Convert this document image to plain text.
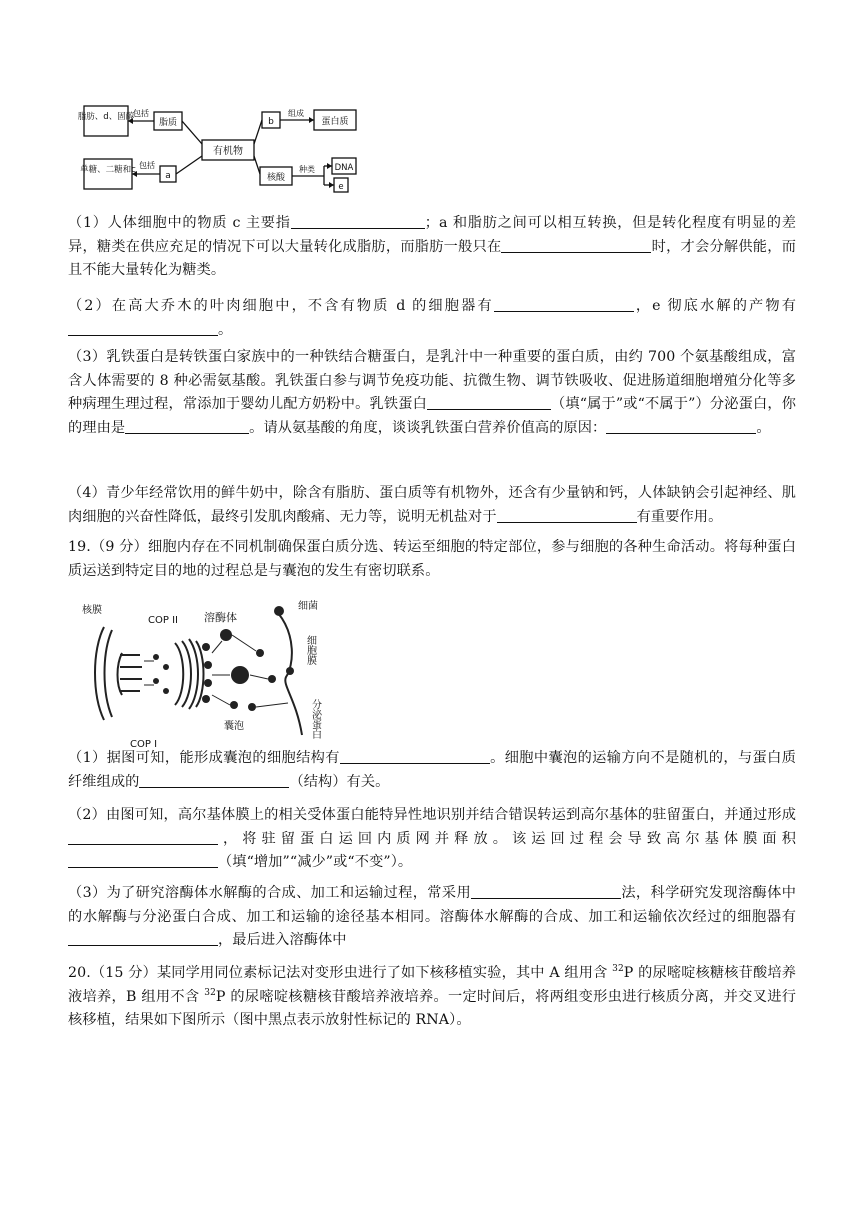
脂肪、d、固醇
脂质
包括
有机物
b
组成
蛋白质
单糖、二糖和c
a
包括
核酸
种类 DNA
e
（1）人体细胞中的物质 c 主要指	；a 和脂肪之间可以相互转换，但是转化程度有明显的差异，糖类在供应充足的情况下可以大量转化成脂肪，而脂肪一般只在	时，才会分解供能，而且不能大量转化为糖类。
（2）在高大乔木的叶肉细胞中，不含有物质 d 的细胞器有	，e 彻底水解的产物有。
（3）乳铁蛋白是转铁蛋白家族中的一种铁结合糖蛋白，是乳汁中一种重要的蛋白质，由约 700 个氨基酸组成，富含人体需要的 8 种必需氨基酸。乳铁蛋白参与调节免疫功能、抗微生物、调节铁吸收、促进肠道细胞增殖分化等多种病理生理过程，常添加于婴幼儿配方奶粉中。乳铁蛋白	（填“属于”或“不属于”）分泌蛋白，你的理由是	。请从氨基酸的角度，谈谈乳铁蛋白营养价值高的原因：	。
（4）青少年经常饮用的鲜牛奶中，除含有脂肪、蛋白质等有机物外，还含有少量钠和钙，人体缺钠会引起神经、肌肉细胞的兴奋性降低，最终引发肌肉酸痛、无力等，说明无机盐对于	有重要作用。
19.（9 分）细胞内存在不同机制确保蛋白质分选、转运至细胞的特定部位，参与细胞的各种生命活动。将每种蛋白质运送到特定目的地的过程总是与囊泡的发生有密切联系。
核膜
COP II
COP I
溶酶体
细菌
细胞膜
囊泡	分泌蛋白
（1）据图可知，能形成囊泡的细胞结构有	。细胞中囊泡的运输方向不是随机的，与蛋白质纤维组成的	（结构）有关。
（2）由图可知，高尔基体膜上的相关受体蛋白能特异性地识别并结合错误转运到高尔基体的驻留蛋白，并通过形成，将驻留蛋白运回内质网并释放。该运回过程会导致高尔基体膜面积（填“增加”“减少”或“不变”）。
（3）为了研究溶酶体水解酶的合成、加工和运输过程，常采用	法，科学研究发现溶酶体中的水解酶与分泌蛋白合成、加工和运输的途径基本相同。溶酶体水解酶的合成、加工和运输依次经过的细胞器有，最后进入溶酶体中
20.（15 分）某同学用同位素标记法对变形虫进行了如下核移植实验，其中 A 组用含 $^{32}$P 的尿嘧啶核糖核苷酸培养液培养，B 组用不含 $^{32}$P 的尿嘧啶核糖核苷酸培养液培养。一定时间后，将两组变形虫进行核质分离，并交叉进行核移植，结果如下图所示（图中黑点表示放射性标记的 RNA）。
